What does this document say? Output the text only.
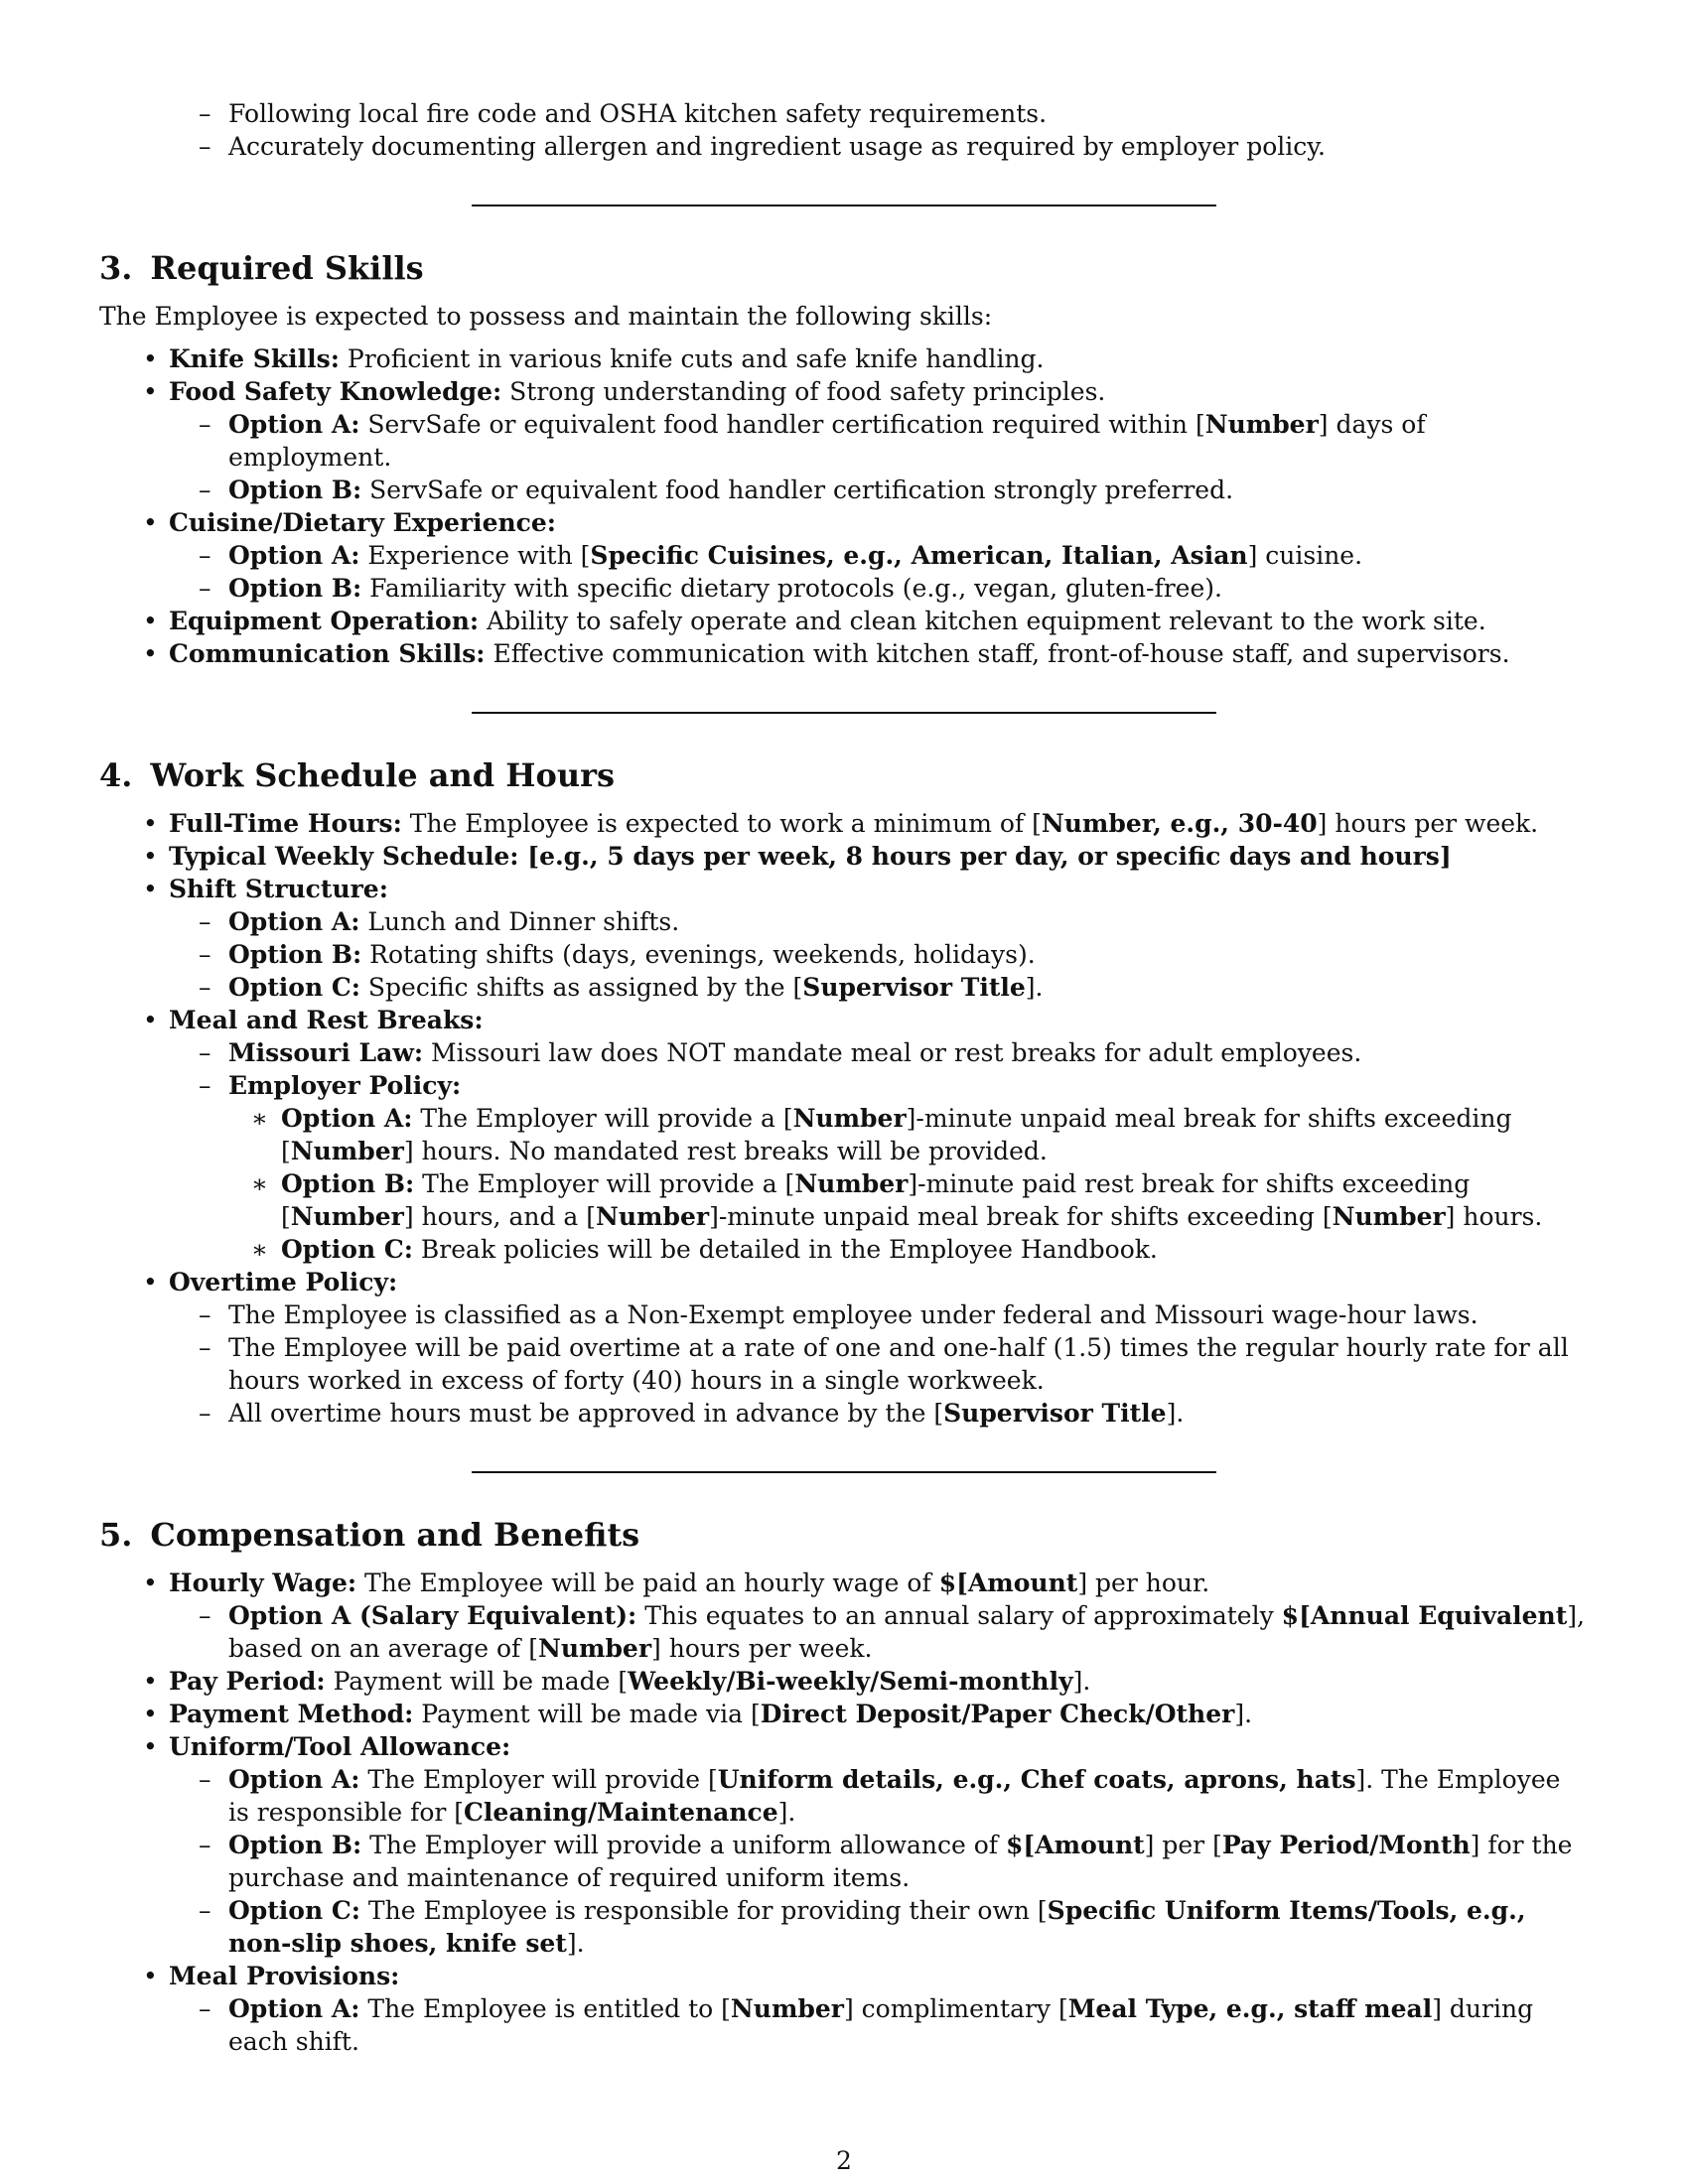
– Following local fire code and OSHA kitchen safety requirements.
– Accurately documenting allergen and ingredient usage as required by employer policy.
3. Required Skills
The Employee is expected to possess and maintain the following skills:
• Knife Skills: Proficient in various knife cuts and safe knife handling.
• Food Safety Knowledge: Strong understanding of food safety principles.
– Option A: ServSafe or equivalent food handler certification required within [Number] days of employment.
– Option B: ServSafe or equivalent food handler certification strongly preferred.
• Cuisine/Dietary Experience:
– Option A: Experience with [Specific Cuisines, e.g., American, Italian, Asian] cuisine.
– Option B: Familiarity with specific dietary protocols (e.g., vegan, gluten-free).
• Equipment Operation: Ability to safely operate and clean kitchen equipment relevant to the work site.
• Communication Skills: Effective communication with kitchen staff, front-of-house staff, and supervisors.
4. Work Schedule and Hours
• Full-Time Hours: The Employee is expected to work a minimum of [Number, e.g., 30-40] hours per week.
• Typical Weekly Schedule: [e.g., 5 days per week, 8 hours per day, or specific days and hours]
• Shift Structure:
– Option A: Lunch and Dinner shifts.
– Option B: Rotating shifts (days, evenings, weekends, holidays).
– Option C: Specific shifts as assigned by the [Supervisor Title].
• Meal and Rest Breaks:
– Missouri Law: Missouri law does NOT mandate meal or rest breaks for adult employees.
– Employer Policy:
∗ Option A: The Employer will provide a [Number]-minute unpaid meal break for shifts exceeding [Number] hours. No mandated rest breaks will be provided.
∗ Option B: The Employer will provide a [Number]-minute paid rest break for shifts exceeding [Number] hours, and a [Number]-minute unpaid meal break for shifts exceeding [Number] hours.
∗ Option C: Break policies will be detailed in the Employee Handbook.
• Overtime Policy:
– The Employee is classified as a Non-Exempt employee under federal and Missouri wage-hour laws.
– The Employee will be paid overtime at a rate of one and one-half (1.5) times the regular hourly rate for all hours worked in excess of forty (40) hours in a single workweek.
– All overtime hours must be approved in advance by the [Supervisor Title].
5. Compensation and Benefits
• Hourly Wage: The Employee will be paid an hourly wage of $[Amount] per hour.
– Option A (Salary Equivalent): This equates to an annual salary of approximately $[Annual Equivalent], based on an average of [Number] hours per week.
• Pay Period: Payment will be made [Weekly/Bi-weekly/Semi-monthly].
• Payment Method: Payment will be made via [Direct Deposit/Paper Check/Other].
• Uniform/Tool Allowance:
– Option A: The Employer will provide [Uniform details, e.g., Chef coats, aprons, hats]. The Employee is responsible for [Cleaning/Maintenance].
– Option B: The Employer will provide a uniform allowance of $[Amount] per [Pay Period/Month] for the purchase and maintenance of required uniform items.
– Option C: The Employee is responsible for providing their own [Specific Uniform Items/Tools, e.g., non-slip shoes, knife set].
• Meal Provisions:
– Option A: The Employee is entitled to [Number] complimentary [Meal Type, e.g., staff meal] during each shift.
2
